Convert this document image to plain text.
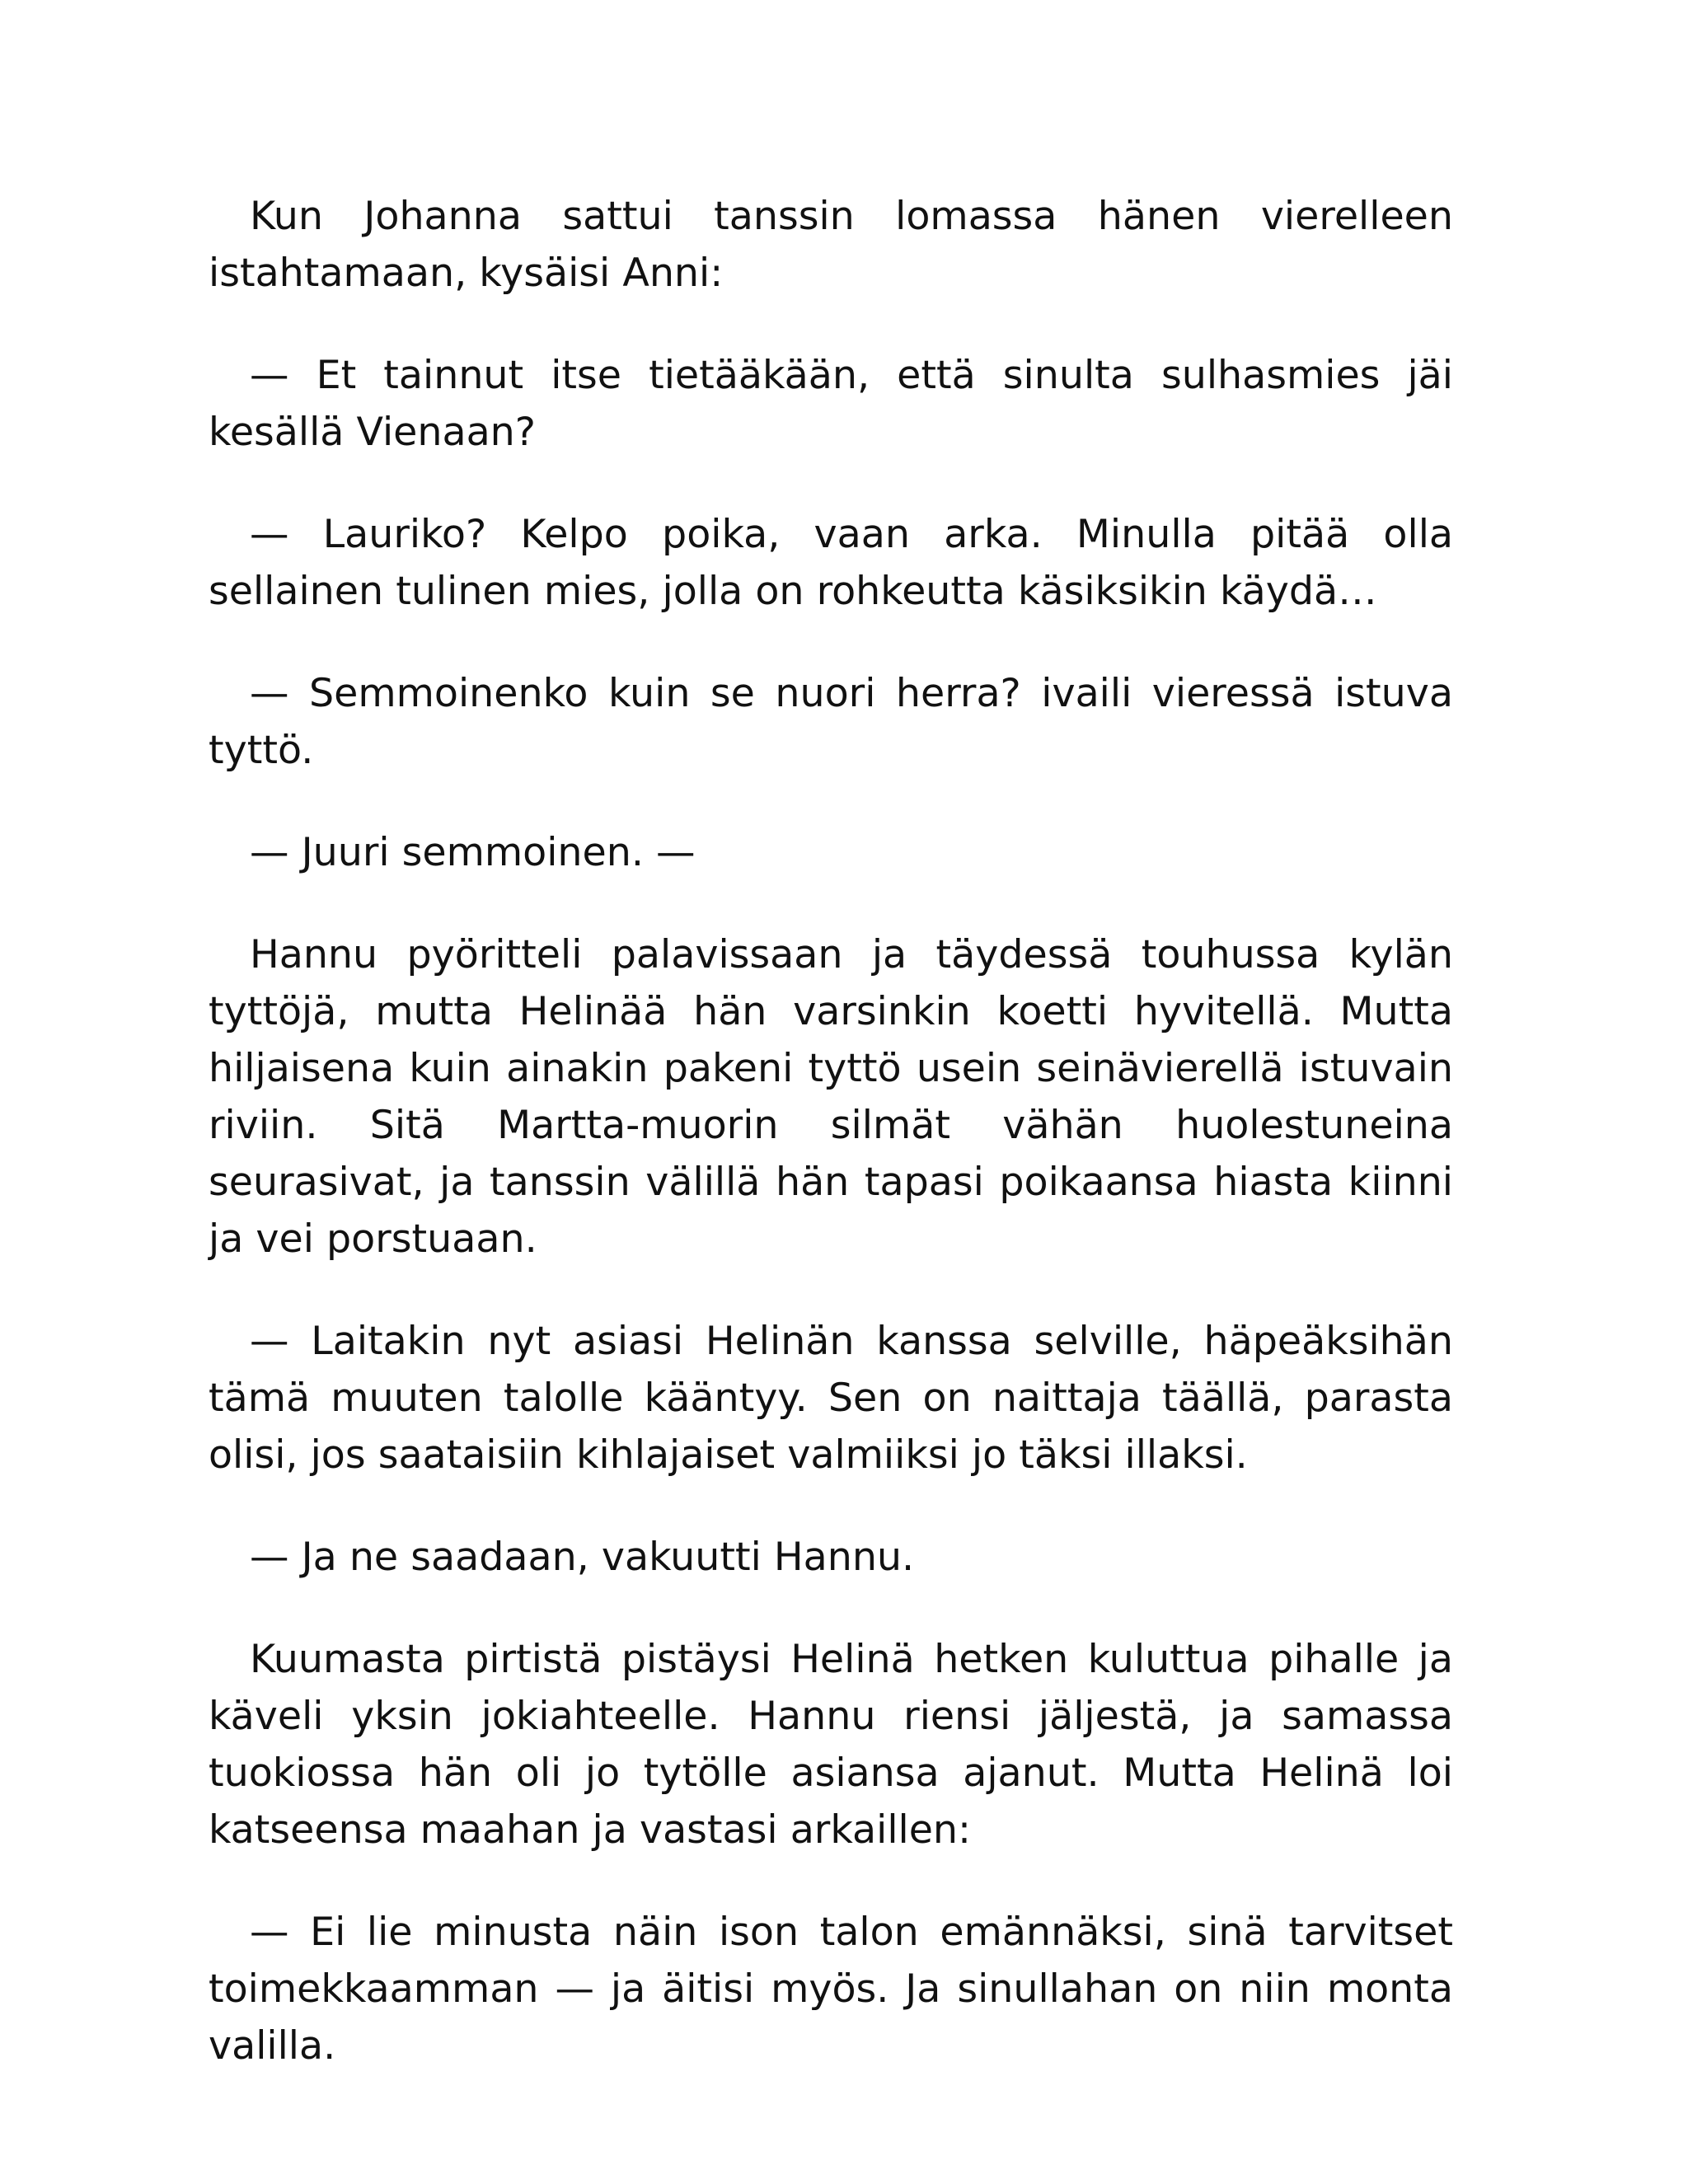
Kun Johanna sattui tanssin lomassa hänen vierelleen istahtamaan, kysäisi Anni:

— Et tainnut itse tietääkään, että sinulta sulhasmies jäi kesällä Vienaan?

— Lauriko? Kelpo poika, vaan arka. Minulla pitää olla sellainen tulinen mies, jolla on rohkeutta käsiksikin käydä…

— Semmoinenko kuin se nuori herra? ivaili vieressä istuva tyttö.

— Juuri semmoinen. —

Hannu pyöritteli palavissaan ja täydessä touhussa kylän tyttöjä, mutta Helinää hän varsinkin koetti hyvitellä. Mutta hiljaisena kuin ainakin pakeni tyttö usein seinävierellä istuvain riviin. Sitä Martta-muorin silmät vähän huolestuneina seurasivat, ja tanssin välillä hän tapasi poikaansa hiasta kiinni ja vei porstuaan.

— Laitakin nyt asiasi Helinän kanssa selville, häpeäksihän tämä muuten talolle kääntyy. Sen on naittaja täällä, parasta olisi, jos saataisiin kihlajaiset valmiiksi jo täksi illaksi.

— Ja ne saadaan, vakuutti Hannu.

Kuumasta pirtistä pistäysi Helinä hetken kuluttua pihalle ja käveli yksin jokiahteelle. Hannu riensi jäljestä, ja samassa tuokiossa hän oli jo tytölle asiansa ajanut. Mutta Helinä loi katseensa maahan ja vastasi arkaillen:

— Ei lie minusta näin ison talon emännäksi, sinä tarvitset toimekkaamman — ja äitisi myös. Ja sinullahan on niin monta valilla.
